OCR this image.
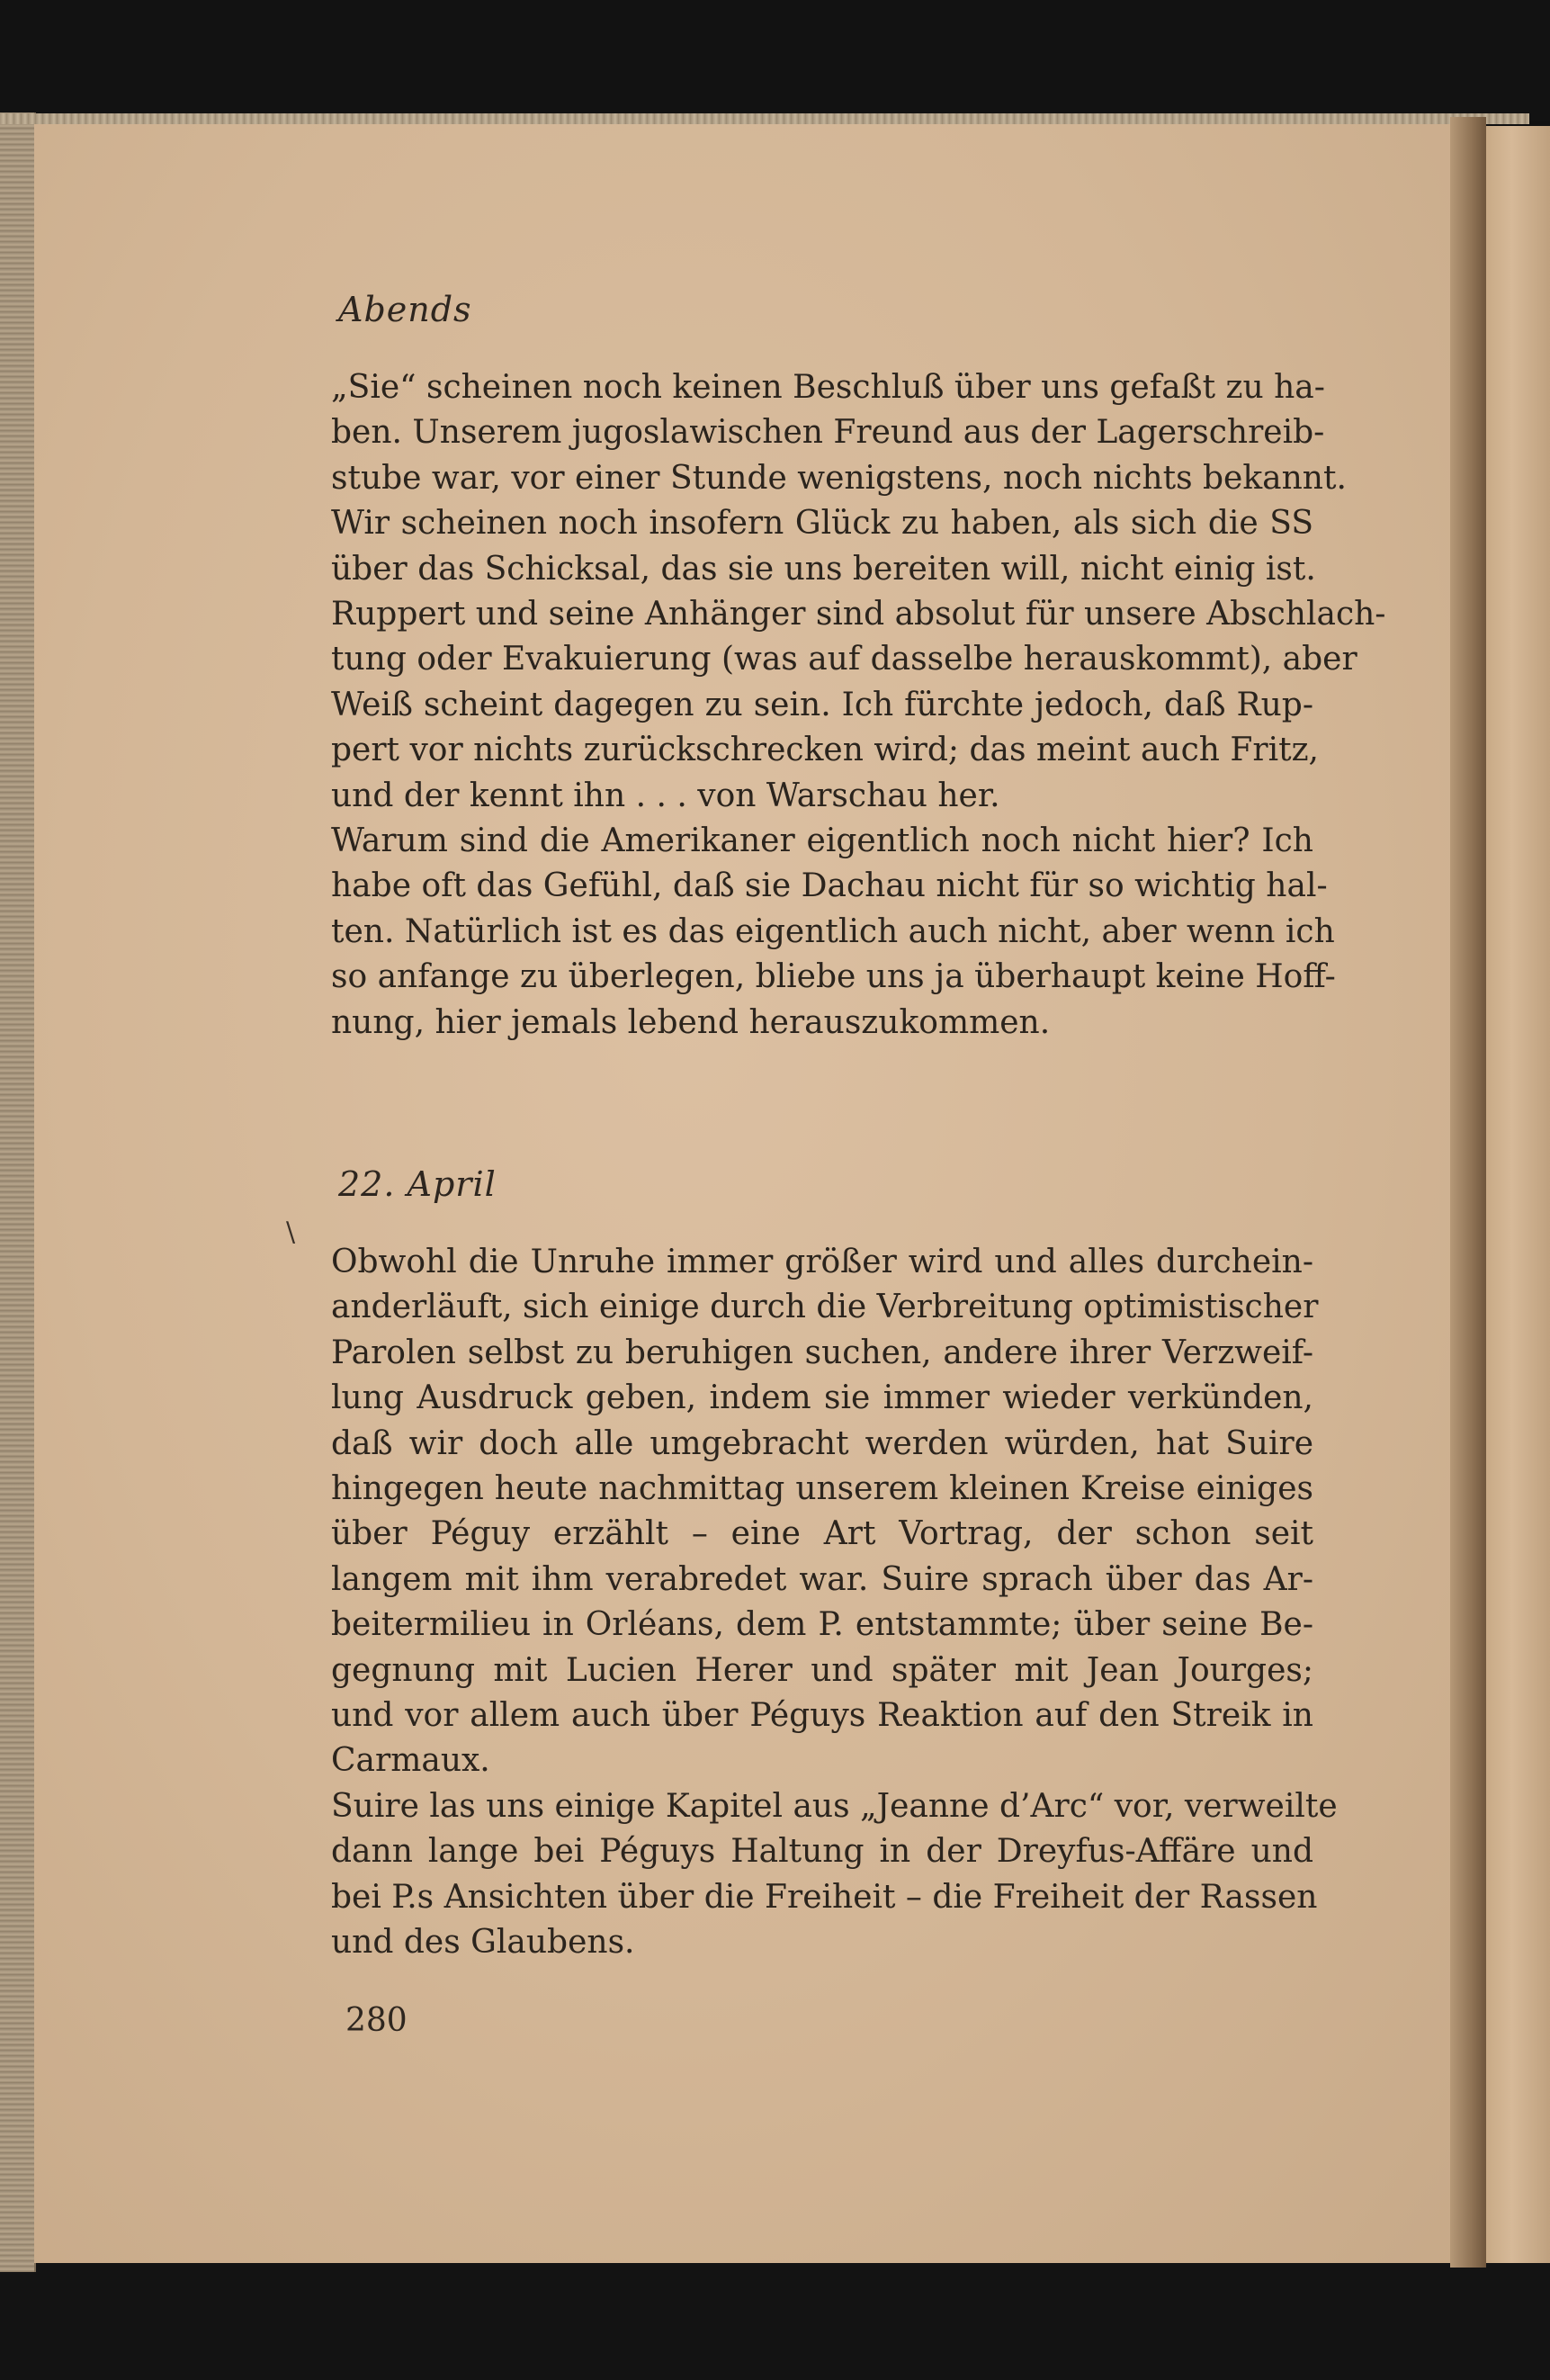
Abends
„Sie“ scheinen noch keinen Beschluß über uns gefaßt zu ha-
ben. Unserem jugoslawischen Freund aus der Lagerschreib-
stube war, vor einer Stunde wenigstens, noch nichts bekannt.
Wir scheinen noch insofern Glück zu haben, als sich die SS
über das Schicksal, das sie uns bereiten will, nicht einig ist.
Ruppert und seine Anhänger sind absolut für unsere Abschlach-
tung oder Evakuierung (was auf dasselbe herauskommt), aber
Weiß scheint dagegen zu sein. Ich fürchte jedoch, daß Rup-
pert vor nichts zurückschrecken wird; das meint auch Fritz,
und der kennt ihn . . . von Warschau her.
Warum sind die Amerikaner eigentlich noch nicht hier? Ich
habe oft das Gefühl, daß sie Dachau nicht für so wichtig hal-
ten. Natürlich ist es das eigentlich auch nicht, aber wenn ich
so anfange zu überlegen, bliebe uns ja überhaupt keine Hoff-
nung, hier jemals lebend herauszukommen.
22. April
\
Obwohl die Unruhe immer größer wird und alles durchein-
anderläuft, sich einige durch die Verbreitung optimistischer
Parolen selbst zu beruhigen suchen, andere ihrer Verzweif-
lung Ausdruck geben, indem sie immer wieder verkünden,
daß wir doch alle umgebracht werden würden, hat Suire
hingegen heute nachmittag unserem kleinen Kreise einiges
über Péguy erzählt – eine Art Vortrag, der schon seit
langem mit ihm verabredet war. Suire sprach über das Ar-
beitermilieu in Orléans, dem P. entstammte; über seine Be-
gegnung mit Lucien Herer und später mit Jean Jourges;
und vor allem auch über Péguys Reaktion auf den Streik in
Carmaux.
Suire las uns einige Kapitel aus „Jeanne d’Arc“ vor, verweilte
dann lange bei Péguys Haltung in der Dreyfus-Affäre und
bei P.s Ansichten über die Freiheit – die Freiheit der Rassen
und des Glaubens.
280
